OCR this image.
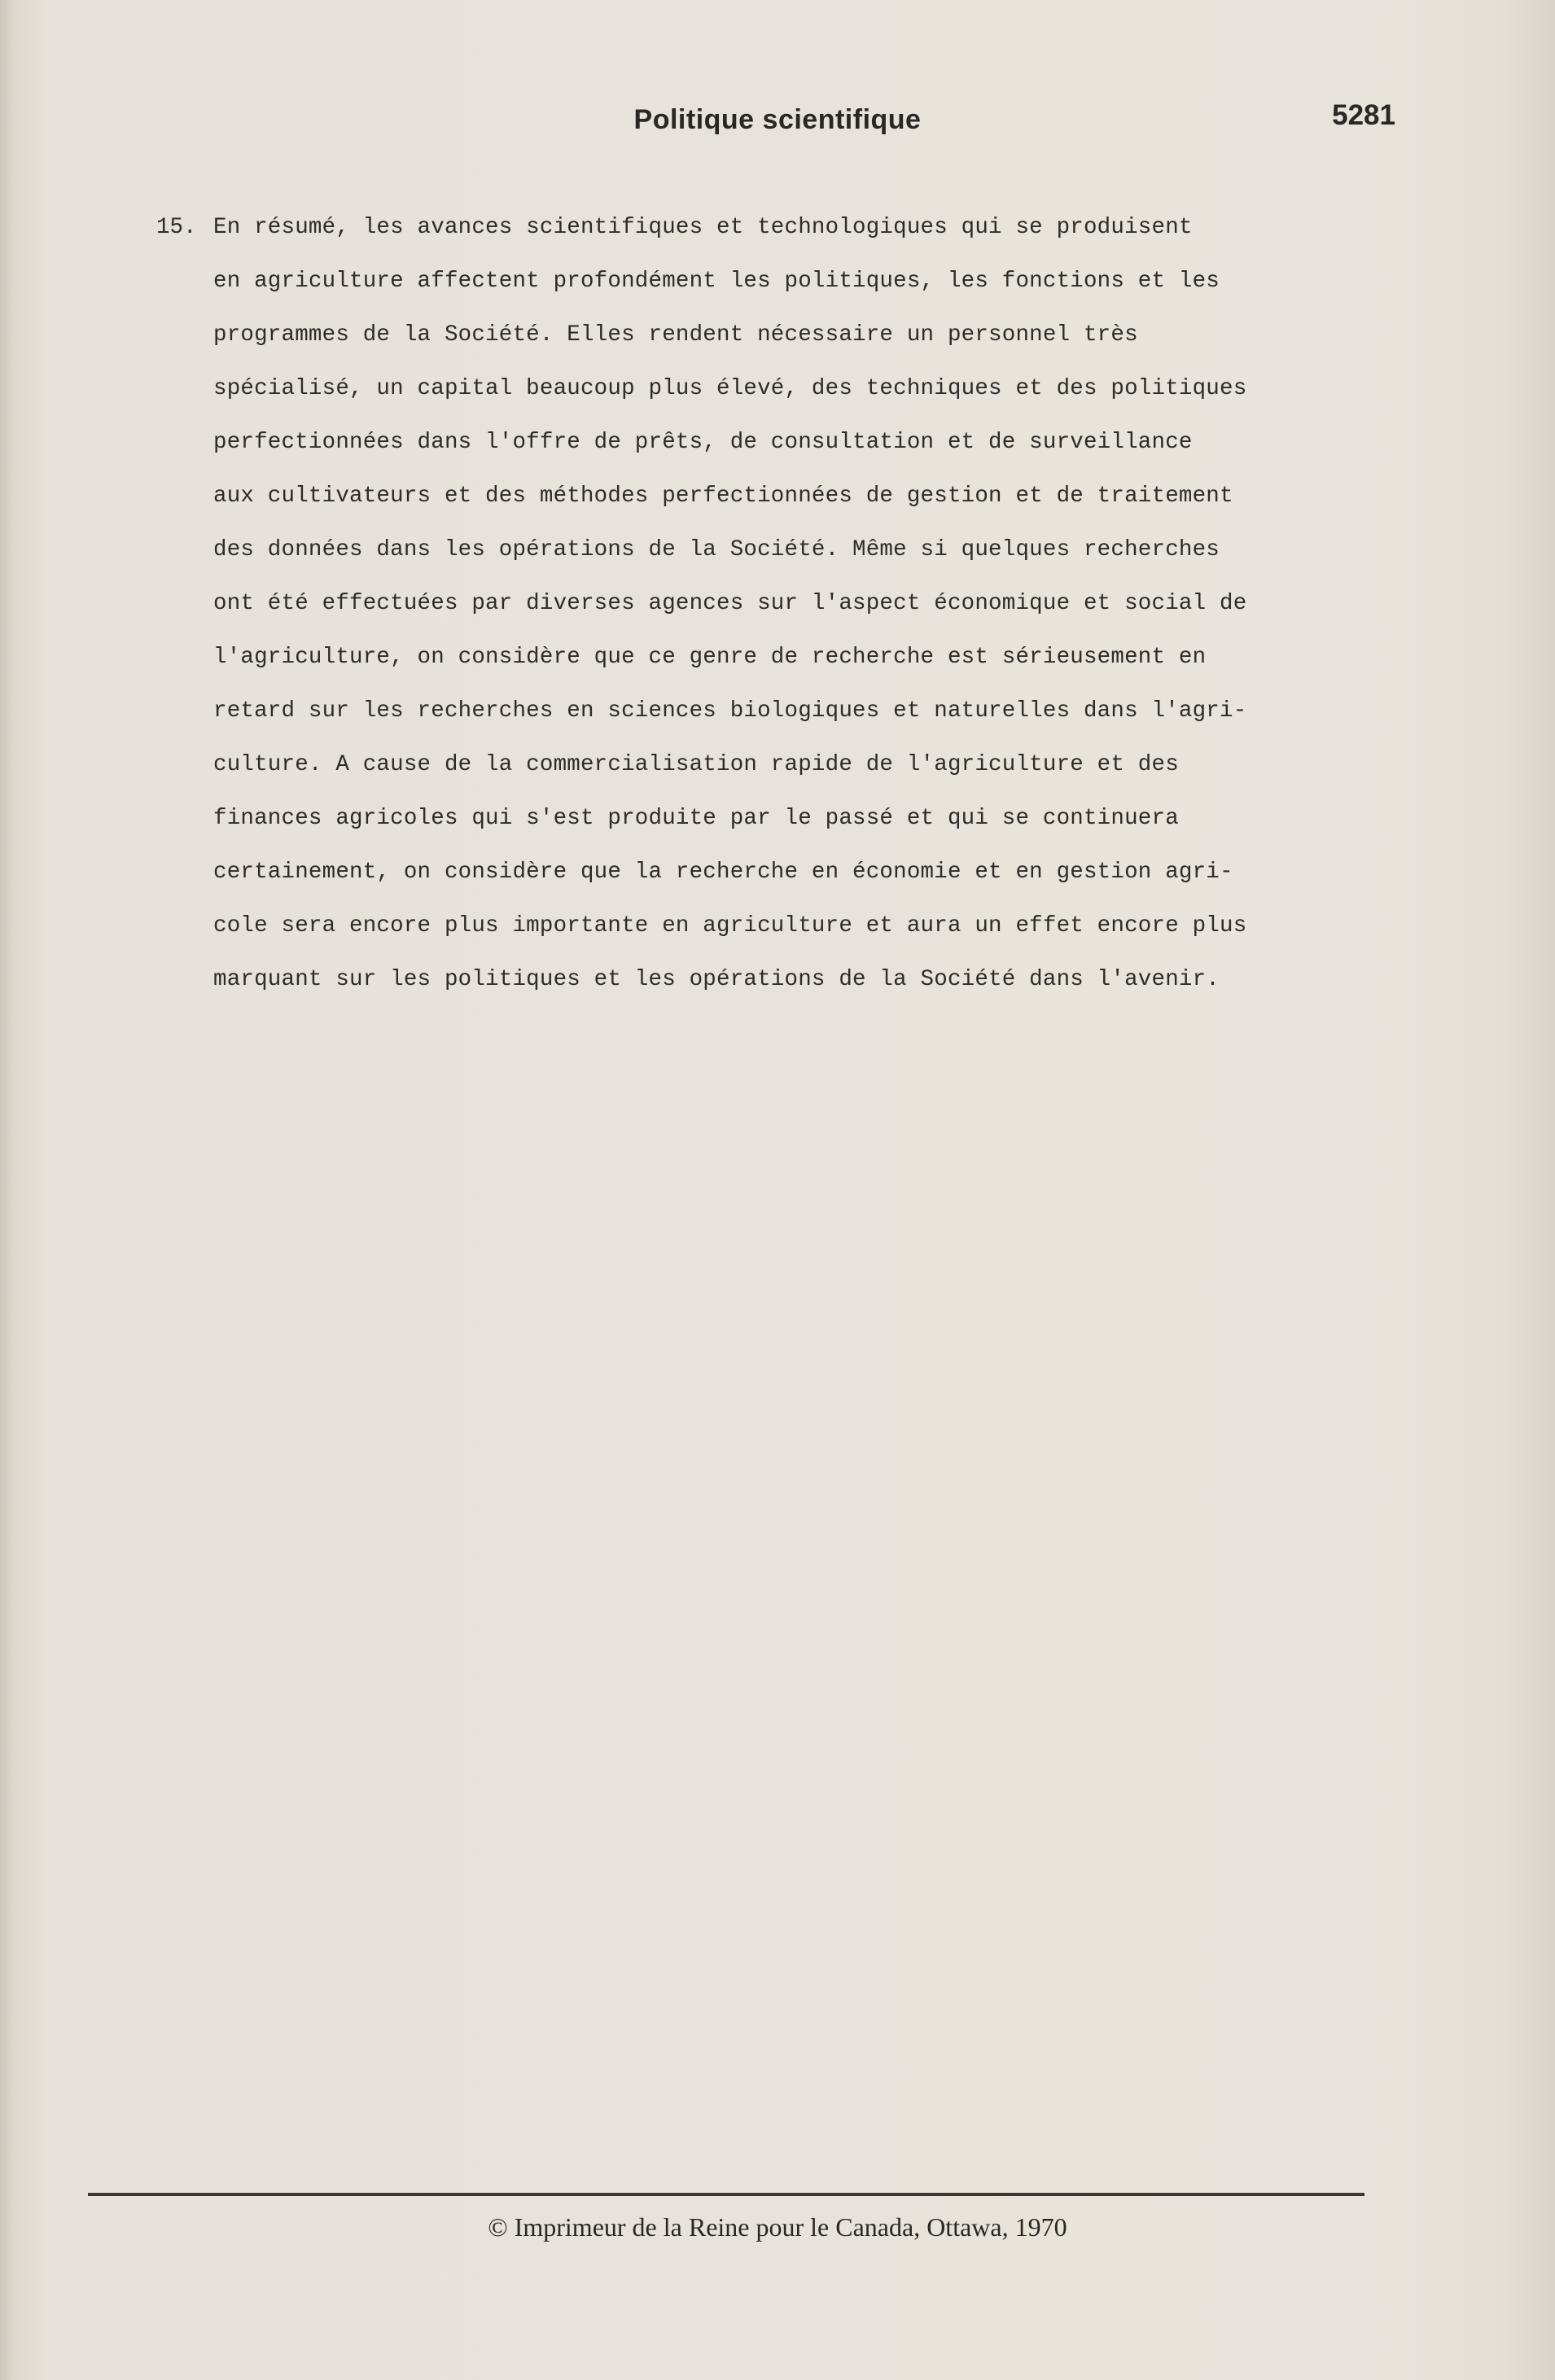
Politique scientifique	5281
15. En résumé, les avances scientifiques et technologiques qui se produisent
en agriculture affectent profondément les politiques, les fonctions et les
programmes de la Société. Elles rendent nécessaire un personnel très
spécialisé, un capital beaucoup plus élevé, des techniques et des politiques
perfectionnées dans l'offre de prêts, de consultation et de surveillance
aux cultivateurs et des méthodes perfectionnées de gestion et de traitement
des données dans les opérations de la Société. Même si quelques recherches
ont été effectuées par diverses agences sur l'aspect économique et social de
l'agriculture, on considère que ce genre de recherche est sérieusement en
retard sur les recherches en sciences biologiques et naturelles dans l'agri-
culture. A cause de la commercialisation rapide de l'agriculture et des
finances agricoles qui s'est produite par le passé et qui se continuera
certainement, on considère que la recherche en économie et en gestion agri-
cole sera encore plus importante en agriculture et aura un effet encore plus
marquant sur les politiques et les opérations de la Société dans l'avenir.
© Imprimeur de la Reine pour le Canada, Ottawa, 1970
